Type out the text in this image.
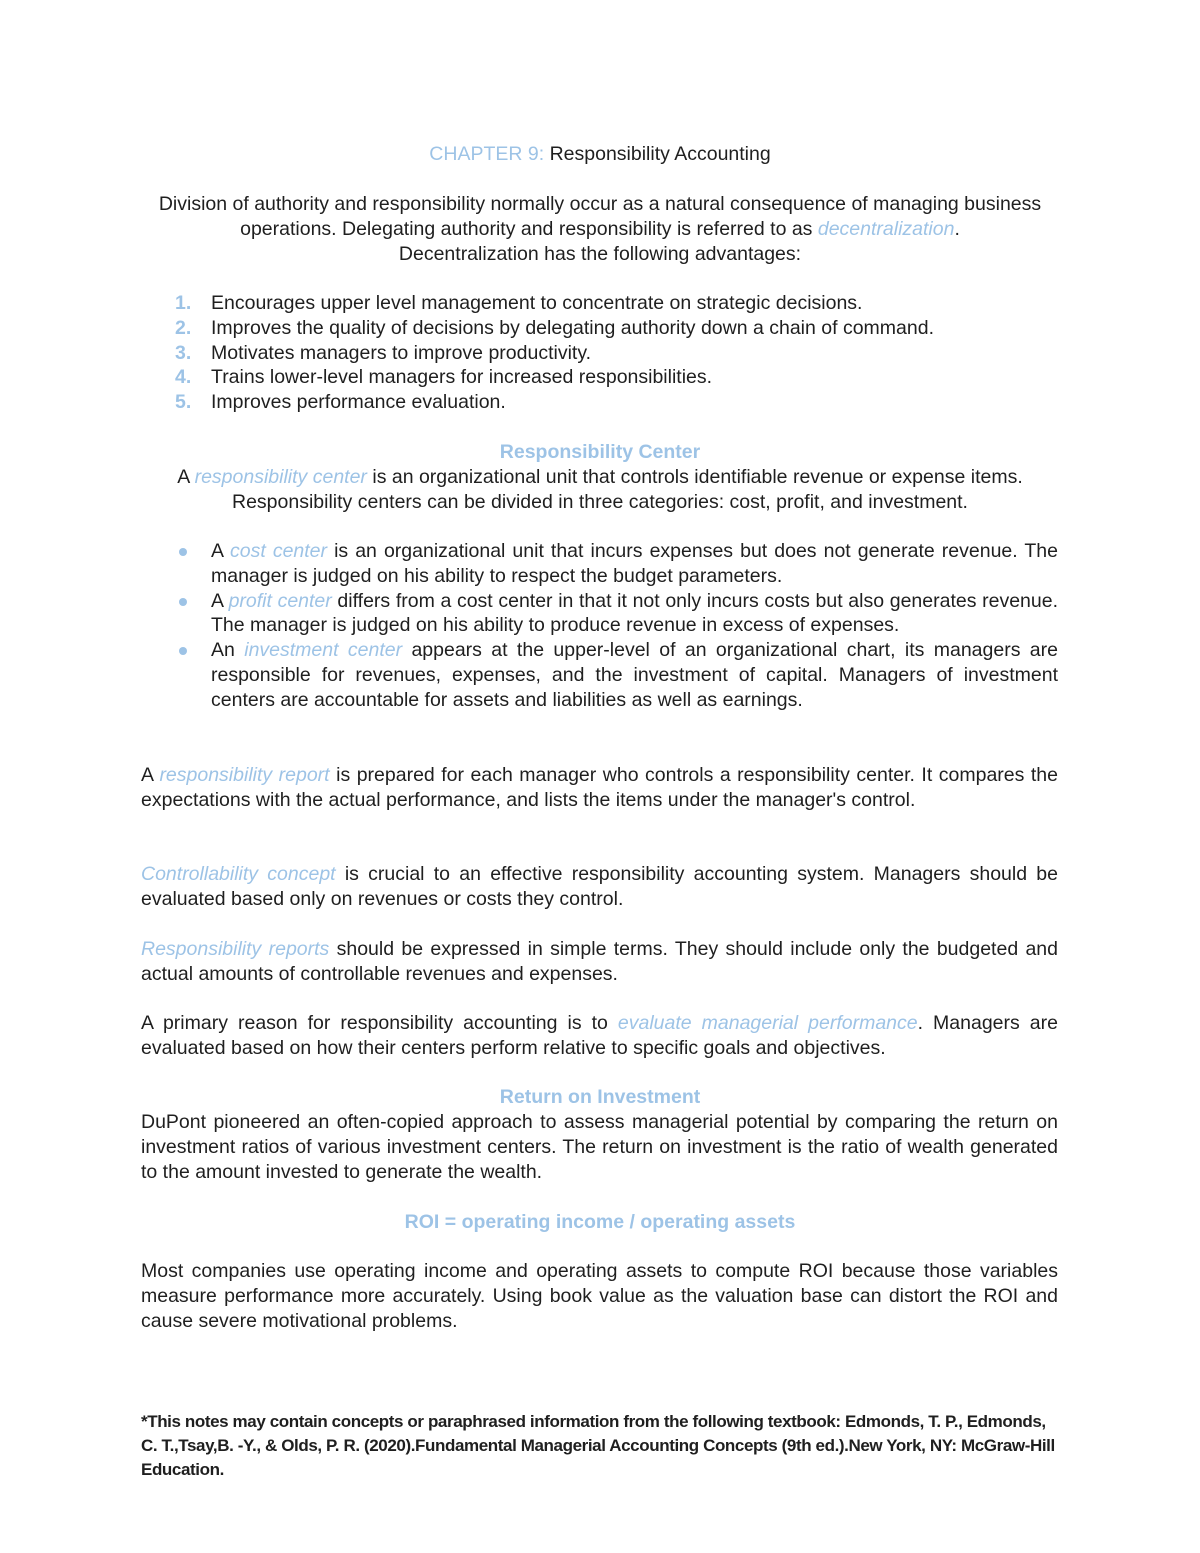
CHAPTER 9: Responsibility Accounting
Division of authority and responsibility normally occur as a natural consequence of managing business operations. Delegating authority and responsibility is referred to as decentralization.
Decentralization has the following advantages:
1.	Encourages upper level management to concentrate on strategic decisions.
2.	Improves the quality of decisions by delegating authority down a chain of command.
3.	Motivates managers to improve productivity.
4.	Trains lower-level managers for increased responsibilities.
5.	Improves performance evaluation.
Responsibility Center
A responsibility center is an organizational unit that controls identifiable revenue or expense items. Responsibility centers can be divided in three categories: cost, profit, and investment.
A cost center is an organizational unit that incurs expenses but does not generate revenue. The manager is judged on his ability to respect the budget parameters.
A profit center differs from a cost center in that it not only incurs costs but also generates revenue. The manager is judged on his ability to produce revenue in excess of expenses.
An investment center appears at the upper-level of an organizational chart, its managers are responsible for revenues, expenses, and the investment of capital. Managers of investment centers are accountable for assets and liabilities as well as earnings.
A responsibility report is prepared for each manager who controls a responsibility center. It compares the expectations with the actual performance, and lists the items under the manager's control.
Controllability concept is crucial to an effective responsibility accounting system. Managers should be evaluated based only on revenues or costs they control.
Responsibility reports should be expressed in simple terms. They should include only the budgeted and actual amounts of controllable revenues and expenses.
A primary reason for responsibility accounting is to evaluate managerial performance. Managers are evaluated based on how their centers perform relative to specific goals and objectives.
Return on Investment
DuPont pioneered an often-copied approach to assess managerial potential by comparing the return on investment ratios of various investment centers. The return on investment is the ratio of wealth generated to the amount invested to generate the wealth.
ROI = operating income / operating assets
Most companies use operating income and operating assets to compute ROI because those variables measure performance more accurately. Using book value as the valuation base can distort the ROI and cause severe motivational problems.
*This notes may contain concepts or paraphrased information from the following textbook: Edmonds, T. P., Edmonds, C. T.,Tsay,B. -Y., & Olds, P. R. (2020).Fundamental Managerial Accounting Concepts (9th ed.).New York, NY: McGraw-Hill Education.
